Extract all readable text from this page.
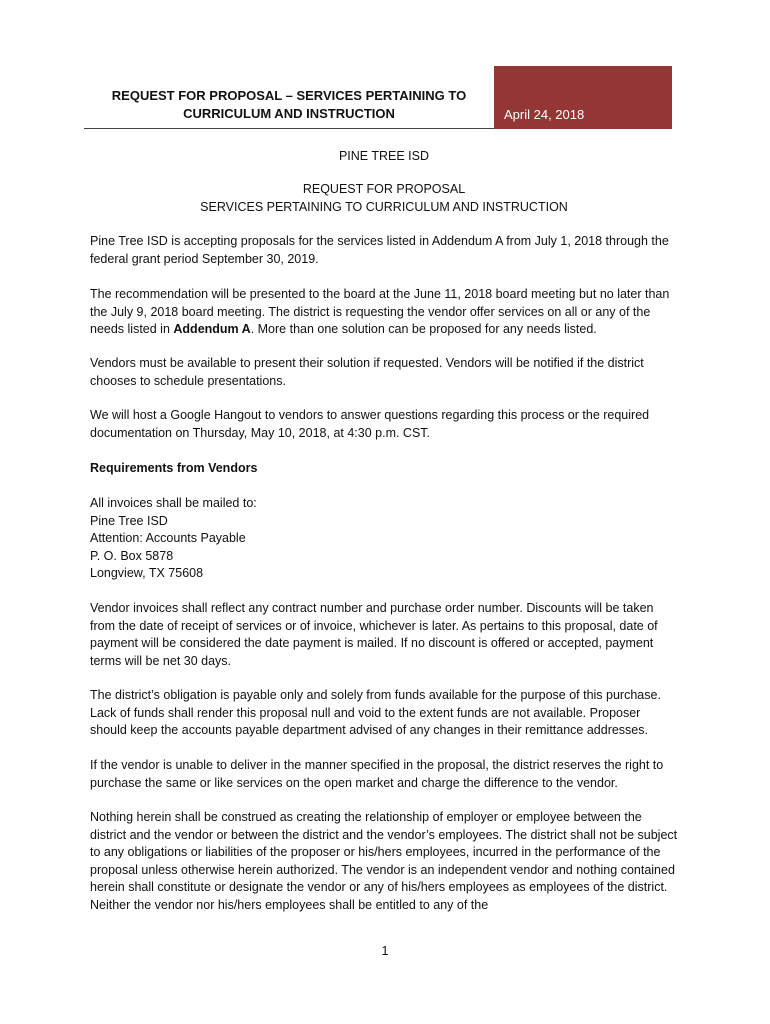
REQUEST FOR PROPOSAL – SERVICES PERTAINING TO
CURRICULUM AND INSTRUCTION	April 24, 2018
PINE TREE ISD
REQUEST FOR PROPOSAL
SERVICES PERTAINING TO CURRICULUM AND INSTRUCTION

Pine Tree ISD is accepting proposals for the services listed in Addendum A from July 1, 2018 through the federal grant period September 30, 2019.

The recommendation will be presented to the board at the June 11, 2018 board meeting but no later than the July 9, 2018 board meeting. The district is requesting the vendor offer services on all or any of the needs listed in Addendum A. More than one solution can be proposed for any needs listed.

Vendors must be available to present their solution if requested. Vendors will be notified if the district chooses to schedule presentations.

We will host a Google Hangout to vendors to answer questions regarding this process or the required documentation on Thursday, May 10, 2018, at 4:30 p.m. CST.

Requirements from Vendors
All invoices shall be mailed to:
Pine Tree ISD
Attention: Accounts Payable
P. O. Box 5878
Longview, TX 75608

Vendor invoices shall reflect any contract number and purchase order number. Discounts will be taken from the date of receipt of services or of invoice, whichever is later. As pertains to this proposal, date of payment will be considered the date payment is mailed. If no discount is offered or accepted, payment terms will be net 30 days.

The district’s obligation is payable only and solely from funds available for the purpose of this purchase. Lack of funds shall render this proposal null and void to the extent funds are not available. Proposer should keep the accounts payable department advised of any changes in their remittance addresses.

If the vendor is unable to deliver in the manner specified in the proposal, the district reserves the right to purchase the same or like services on the open market and charge the difference to the vendor.

Nothing herein shall be construed as creating the relationship of employer or employee between the district and the vendor or between the district and the vendor’s employees. The district shall not be subject to any obligations or liabilities of the proposer or his/hers employees, incurred in the performance of the proposal unless otherwise herein authorized. The vendor is an independent vendor and nothing contained herein shall constitute or designate the vendor or any of his/hers employees as employees of the district. Neither the vendor nor his/hers employees shall be entitled to any of the

1
